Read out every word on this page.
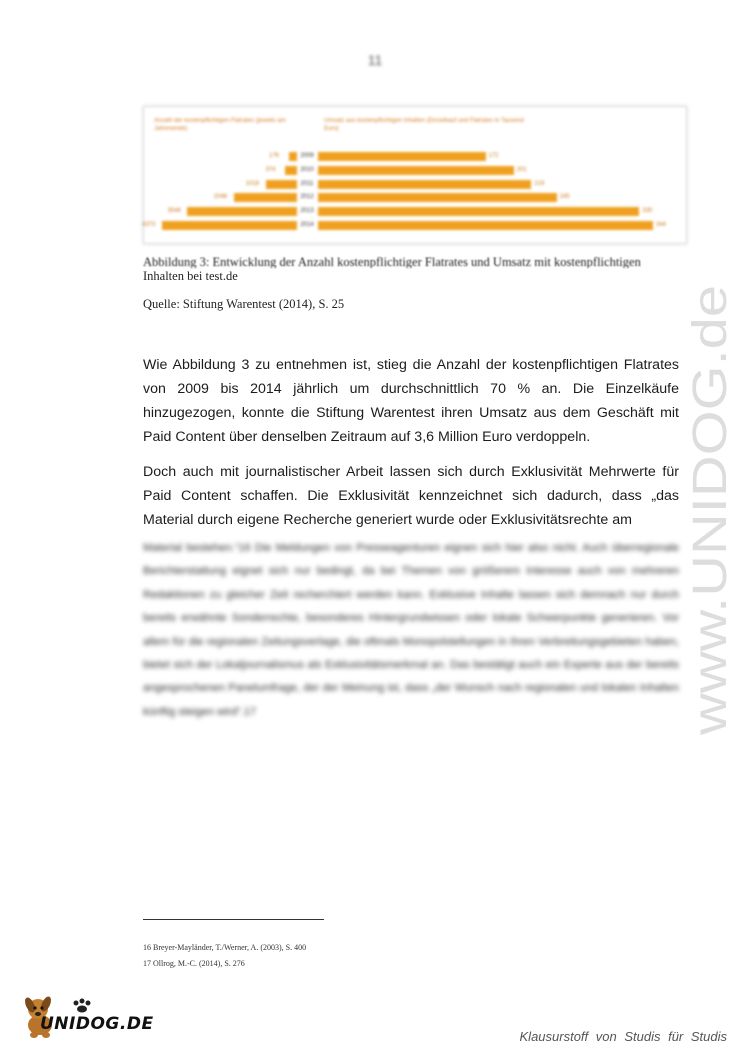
11
Anzahl der kostenpflichtigen Flatrates (jeweils am Jahresende)
Umsatz aus kostenpflichtigen Inhalten (Einzelkauf und Flatrates in Tausend Euro)
176	2009	172
374	2010	201
1018	2011	219
2048	2012	245
3548	2013	330
4373	2014	344
Abbildung 3: Entwicklung der Anzahl kostenpflichtiger Flatrates und Umsatz mit kostenpflichtigen
Inhalten bei test.de
Quelle: Stiftung Warentest (2014), S. 25

Wie Abbildung 3 zu entnehmen ist, stieg die Anzahl der kostenpflichtigen Flatrates von 2009 bis 2014 jährlich um durchschnittlich 70 % an. Die Einzelkäufe hinzugezogen, konnte die Stiftung Warentest ihren Umsatz aus dem Geschäft mit Paid Content über denselben Zeitraum auf 3,6 Million Euro verdoppeln.

Doch auch mit journalistischer Arbeit lassen sich durch Exklusivität Mehrwerte für Paid Content schaffen. Die Exklusivität kennzeichnet sich dadurch, dass „das Material durch eigene Recherche generiert wurde oder Exklusivitätsrechte am

Material bestehen.“16 Die Meldungen von Presseagenturen eignen sich hier also nicht. Auch überregionale Berichterstattung eignet sich nur bedingt, da bei Themen von größerem Interesse auch von mehreren Redaktionen zu gleicher Zeit recherchiert werden kann. Exklusive Inhalte lassen sich demnach nur durch bereits erwähnte Sonderrechte, besonderes Hintergrundwissen oder lokale Schwerpunkte generieren. Vor allem für die regionalen Zeitungsverlage, die oftmals Monopolstellungen in ihren Verbreitungsgebieten haben, bietet sich der Lokaljournalismus als Exklusivitätsmerkmal an. Das bestätigt auch ein Experte aus der bereits angesprochenen Panelumfrage, der der Meinung ist, dass „der Wunsch nach regionalen und lokalen Inhalten künftig steigen wird“.17
16 Breyer-Mayländer, T./Werner, A. (2003), S. 400
17 Ollrog, M.-C. (2014), S. 276
www.UNIDOG.de
UNIDOG.DE
Klausurstoff von Studis für Studis
